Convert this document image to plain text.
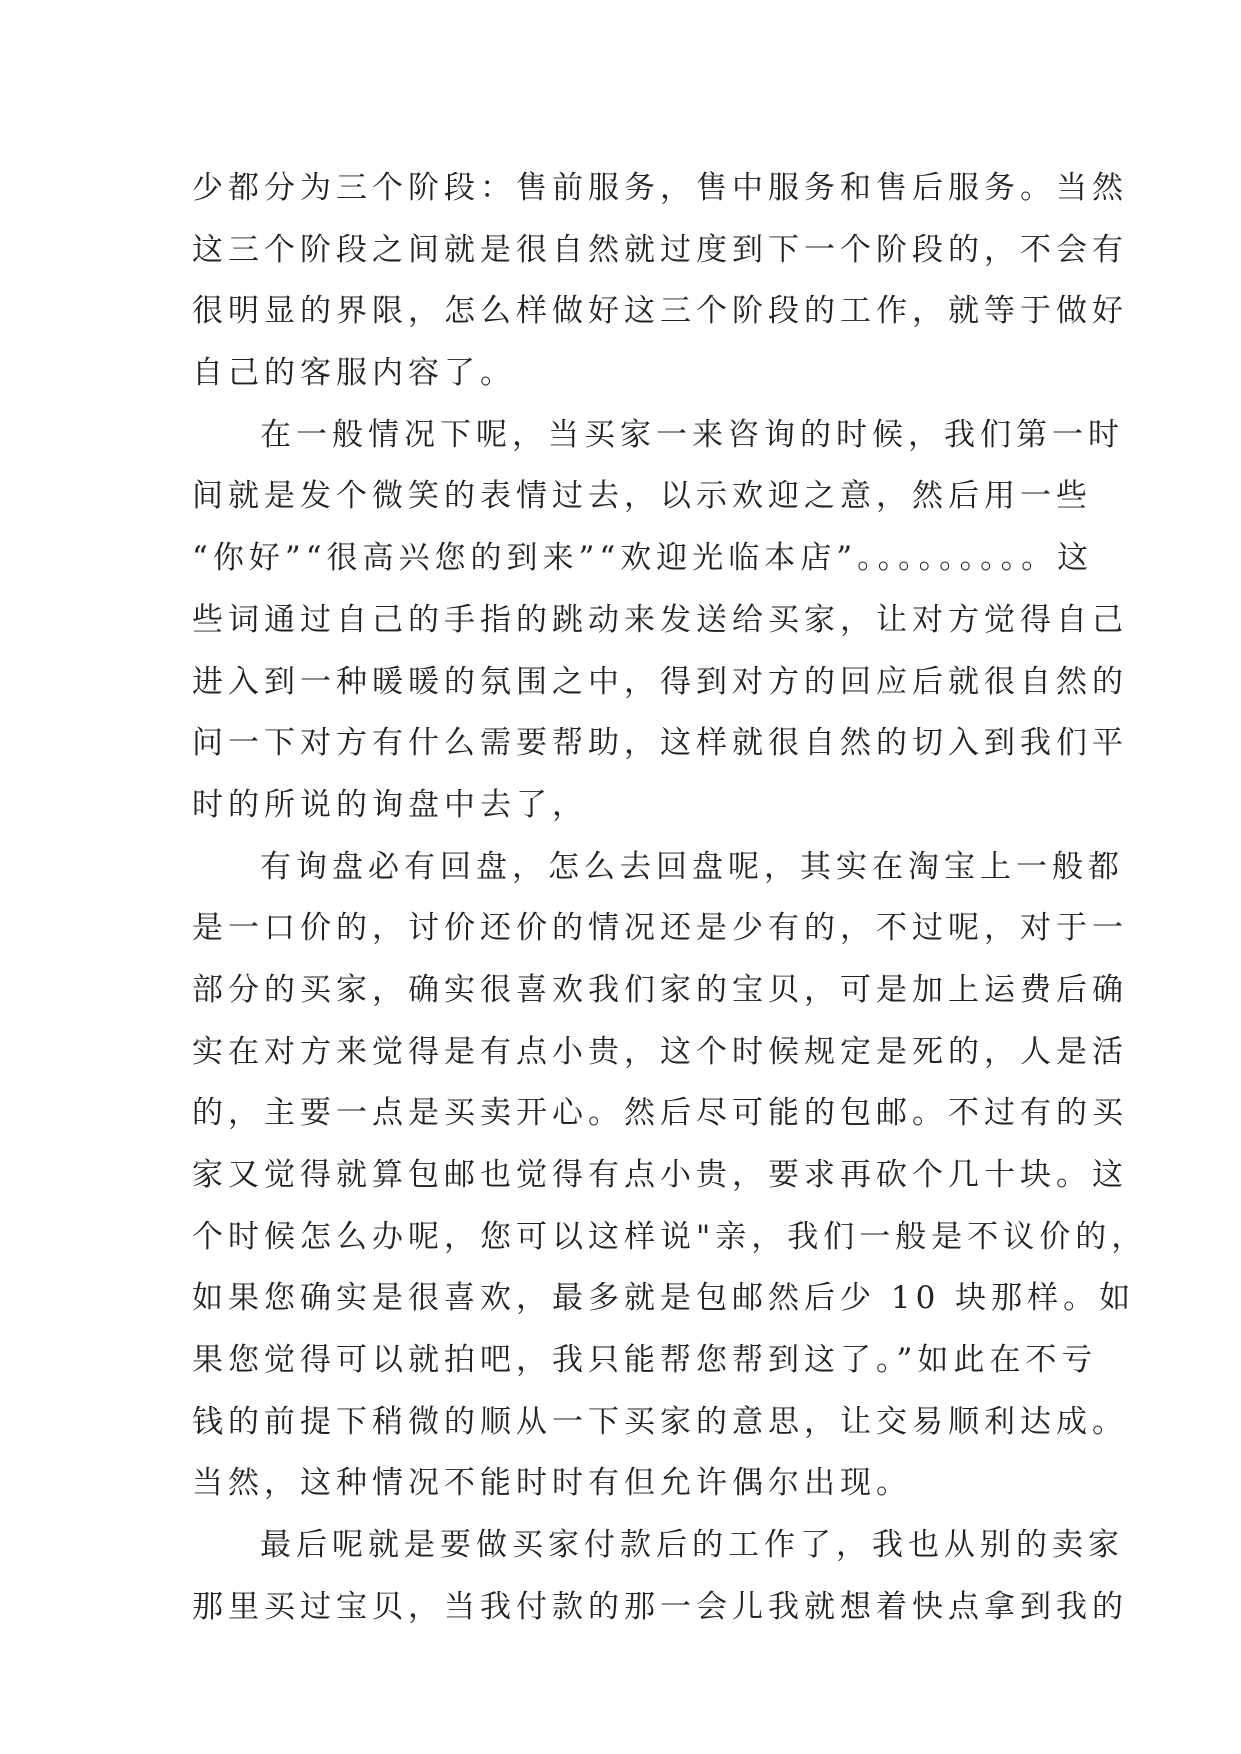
少都分为三个阶段：售前服务，售中服务和售后服务。当然
这三个阶段之间就是很自然就过度到下一个阶段的，不会有
很明显的界限，怎么样做好这三个阶段的工作，就等于做好
自己的客服内容了。
在一般情况下呢，当买家一来咨询的时候，我们第一时
间就是发个微笑的表情过去，以示欢迎之意，然后用一些
“你好”“很高兴您的到来”“欢迎光临本店”。。。。。。。。。这
些词通过自己的手指的跳动来发送给买家，让对方觉得自己
进入到一种暖暖的氛围之中，得到对方的回应后就很自然的
问一下对方有什么需要帮助，这样就很自然的切入到我们平
时的所说的询盘中去了，
有询盘必有回盘，怎么去回盘呢，其实在淘宝上一般都
是一口价的，讨价还价的情况还是少有的，不过呢，对于一
部分的买家，确实很喜欢我们家的宝贝，可是加上运费后确
实在对方来觉得是有点小贵，这个时候规定是死的，人是活
的，主要一点是买卖开心。然后尽可能的包邮。不过有的买
家又觉得就算包邮也觉得有点小贵，要求再砍个几十块。这
个时候怎么办呢，您可以这样说"亲，我们一般是不议价的，
如果您确实是很喜欢，最多就是包邮然后少 10 块那样。如
果您觉得可以就拍吧，我只能帮您帮到这了。”如此在不亏
钱的前提下稍微的顺从一下买家的意思，让交易顺利达成。
当然，这种情况不能时时有但允许偶尔出现。
最后呢就是要做买家付款后的工作了，我也从别的卖家
那里买过宝贝，当我付款的那一会儿我就想着快点拿到我的
